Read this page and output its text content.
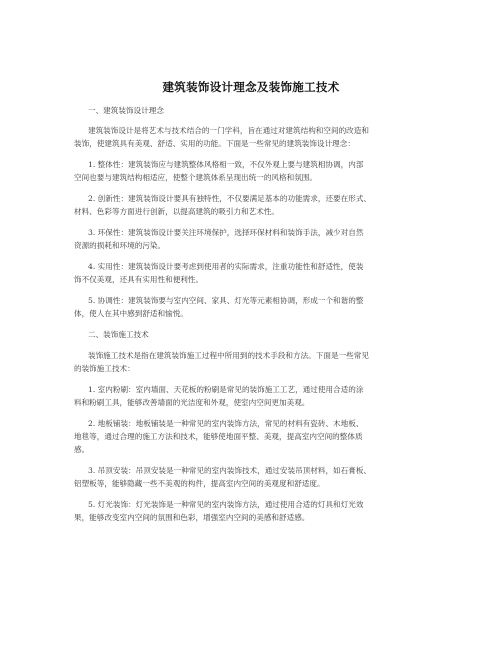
建筑装饰设计理念及装饰施工技术
一、建筑装饰设计理念
建筑装饰设计是将艺术与技术结合的一门学科，旨在通过对建筑结构和空间的改造和
装饰，使建筑具有美观、舒适、实用的功能。下面是一些常见的建筑装饰设计理念：
1. 整体性：建筑装饰应与建筑整体风格相一致，不仅外观上要与建筑相协调，内部
空间也要与建筑结构相适应，使整个建筑体系呈现出统一的风格和氛围。
2. 创新性：建筑装饰设计要具有独特性，不仅要满足基本的功能需求，还要在形式、
材料、色彩等方面进行创新，以提高建筑的吸引力和艺术性。
3. 环保性：建筑装饰设计要关注环境保护，选择环保材料和装饰手法，减少对自然
资源的损耗和环境的污染。
4. 实用性：建筑装饰设计要考虑到使用者的实际需求，注重功能性和舒适性，使装
饰不仅美观，还具有实用性和便利性。
5. 协调性：建筑装饰要与室内空间、家具、灯光等元素相协调，形成一个和谐的整
体，使人在其中感到舒适和愉悦。
二、装饰施工技术
装饰施工技术是指在建筑装饰施工过程中所用到的技术手段和方法。下面是一些常见
的装饰施工技术：
1. 室内粉刷：室内墙面、天花板的粉刷是常见的装饰施工工艺，通过使用合适的涂
料和粉刷工具，能够改善墙面的光洁度和外观，使室内空间更加美观。
2. 地板铺装：地板铺装是一种常见的室内装饰方法，常见的材料有瓷砖、木地板、
地毯等，通过合理的施工方法和技术，能够使地面平整、美观，提高室内空间的整体质
感。
3. 吊顶安装：吊顶安装是一种常见的室内装饰技术，通过安装吊顶材料，如石膏板、
铝塑板等，能够隐藏一些不美观的构件，提高室内空间的美观度和舒适度。
5. 灯光装饰：灯光装饰是一种常见的室内装饰方法，通过使用合适的灯具和灯光效
果，能够改变室内空间的氛围和色彩，增强室内空间的美感和舒适感。
